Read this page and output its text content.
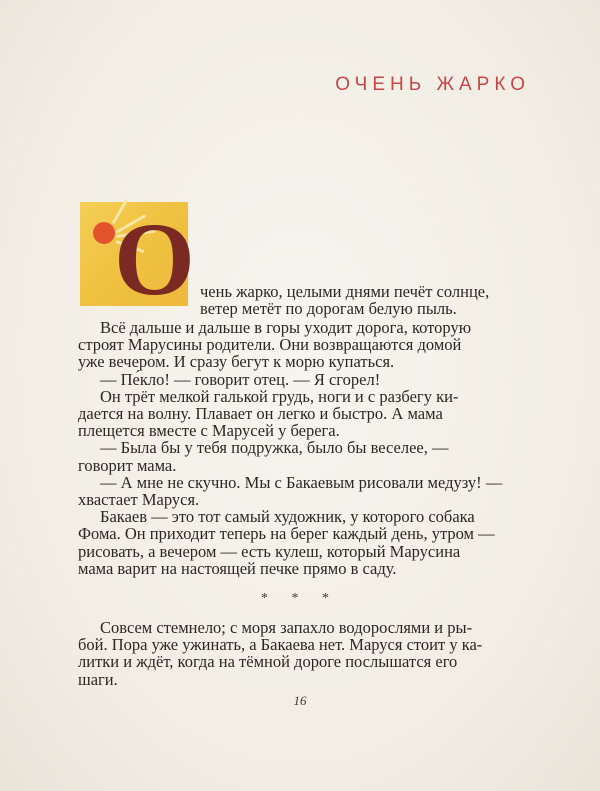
ОЧЕНЬ ЖАРКО
О чень жарко, целыми днями печёт солнце,
ветер метёт по дорогам белую пыль.
Всё дальше и дальше в горы уходит дорога, которую
строят Марусины родители. Они возвращаются домой
уже вечером. И сразу бегут к морю купаться.
— Пе́кло! — говорит отец. — Я сгорел!
Он трёт мелкой галькой грудь, ноги и с разбегу ки-
дается на волну. Плавает он легко и быстро. А мама
плещется вместе с Марусей у берега.
— Была бы у тебя подружка, было бы веселее, —
говорит мама.
— А мне не скучно. Мы с Бакаевым рисовали медузу! —
хвастает Маруся.
Бакаев — это тот самый художник, у которого собака
Фома. Он приходит теперь на берег каждый день, утром —
рисовать, а вечером — есть кулеш, который Марусина
мама варит на настоящей печке прямо в саду.
* * *
Совсем стемнело; с моря запахло водорослями и ры-
бой. Пора уже ужинать, а Бакаева нет. Маруся стоит у ка-
литки и ждёт, когда на тёмной дороге послышатся его
шаги.
16
